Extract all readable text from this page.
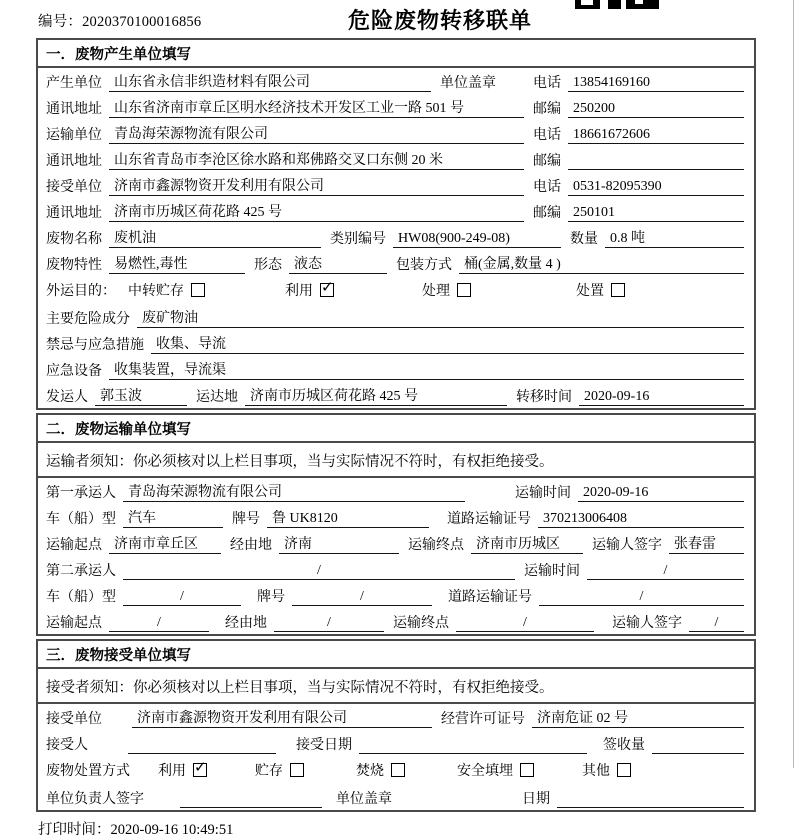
编号：2020370100016856	危险废物转移联单
一．废物产生单位填写
产生单位 山东省永信非织造材料有限公司	单位盖章	电话 13854169160
通讯地址 山东省济南市章丘区明水经济技术开发区工业一路 501 号	邮编 250200
运输单位 青岛海荣源物流有限公司	电话 18661672606
通讯地址 山东省青岛市李沧区徐水路和郑佛路交叉口东侧 20 米	邮编
接受单位 济南市鑫源物资开发利用有限公司	电话 0531-82095390
通讯地址 济南市历城区荷花路 425 号	邮编 250101
废物名称 废机油	类别编号 HW08(900-249-08)	数量 0.8 吨
废物特性 易燃性,毒性	形态 液态	包装方式 桶(金属,数量 4 )
外运目的： 中转贮存	利用 ✓	处理	处置
主要危险成分 废矿物油
禁忌与应急措施 收集、导流
应急设备 收集装置，导流渠
发运人 郭玉波	运达地 济南市历城区荷花路 425 号	转移时间 2020-09-16
二．废物运输单位填写
运输者须知：你必须核对以上栏目事项，当与实际情况不符时，有权拒绝接受。
第一承运人 青岛海荣源物流有限公司	运输时间 2020-09-16
车（船）型 汽车	牌号 鲁 UK8120	道路运输证号 370213006408
运输起点 济南市章丘区	经由地 济南	运输终点 济南市历城区	运输人签字 张春雷
第二承运人	/	运输时间	/
车（船）型	/	牌号	/	道路运输证号	/
运输起点	/	经由地	/	运输终点	/	运输人签字	/
三．废物接受单位填写
接受者须知：你必须核对以上栏目事项，当与实际情况不符时，有权拒绝接受。
接受单位	济南市鑫源物资开发利用有限公司	经营许可证号 济南危证 02 号
接受人	接受日期	签收量
废物处置方式 利用 ✓	贮存	焚烧	安全填埋	其他
单位负责人签字	单位盖章	日期
打印时间：2020-09-16 10:49:51
